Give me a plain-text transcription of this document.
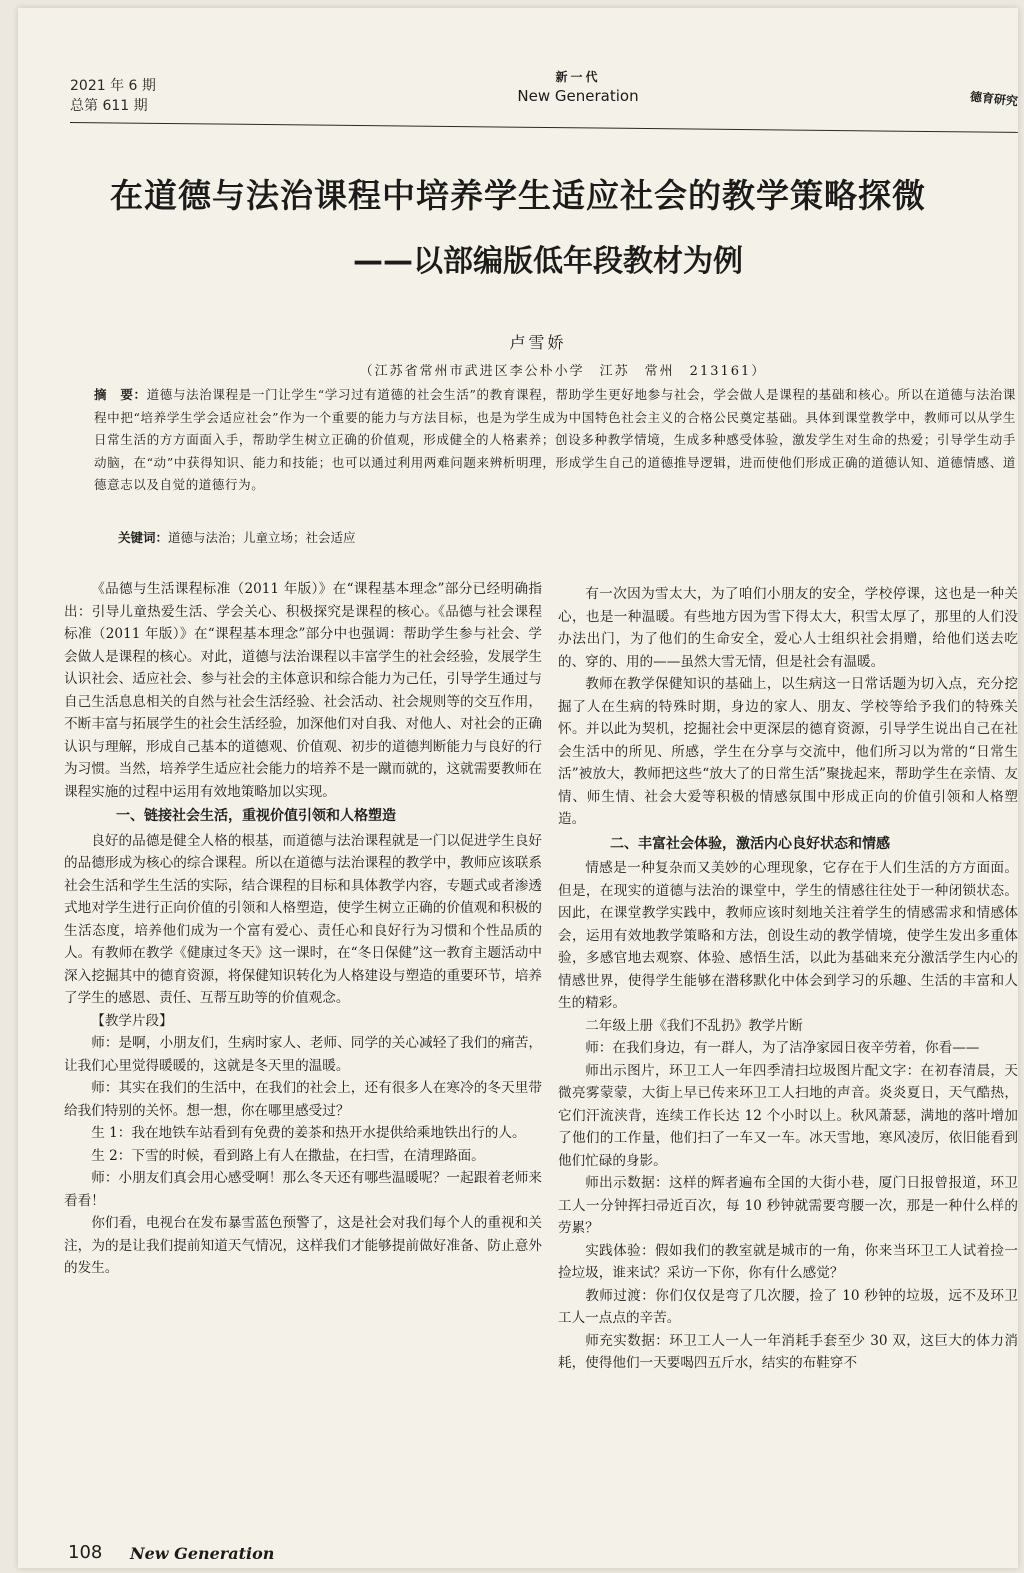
2021 年 6 期
总第 611 期
新一代
New Generation	德育研究
在道德与法治课程中培养学生适应社会的教学策略探微
——以部编版低年段教材为例
卢雪娇
（江苏省常州市武进区李公朴小学　江苏　常州　213161）
摘　要：道德与法治课程是一门让学生“学习过有道德的社会生活”的教育课程，帮助学生更好地参与社会，学会做人是课程的基础和核心。所以在道德与法治课程中把“培养学生学会适应社会”作为一个重要的能力与方法目标，也是为学生成为中国特色社会主义的合格公民奠定基础。具体到课堂教学中，教师可以从学生日常生活的方方面面入手，帮助学生树立正确的价值观，形成健全的人格素养；创设多种教学情境，生成多种感受体验，激发学生对生命的热爱；引导学生动手动脑，在“动”中获得知识、能力和技能；也可以通过利用两难问题来辨析明理，形成学生自己的道德推导逻辑，进而使他们形成正确的道德认知、道德情感、道德意志以及自觉的道德行为。
关键词：道德与法治；儿童立场；社会适应

《品德与生活课程标准（2011 年版）》在“课程基本理念”部分已经明确指出：引导儿童热爱生活、学会关心、积极探究是课程的核心。《品德与社会课程标准（2011 年版）》在“课程基本理念”部分中也强调：帮助学生参与社会、学会做人是课程的核心。对此，道德与法治课程以丰富学生的社会经验，发展学生认识社会、适应社会、参与社会的主体意识和综合能力为己任，引导学生通过与自己生活息息相关的自然与社会生活经验、社会活动、社会规则等的交互作用，不断丰富与拓展学生的社会生活经验，加深他们对自我、对他人、对社会的正确认识与理解，形成自己基本的道德观、价值观、初步的道德判断能力与良好的行为习惯。当然，培养学生适应社会能力的培养不是一蹴而就的，这就需要教师在课程实施的过程中运用有效地策略加以实现。

一、链接社会生活，重视价值引领和人格塑造

良好的品德是健全人格的根基，而道德与法治课程就是一门以促进学生良好的品德形成为核心的综合课程。所以在道德与法治课程的教学中，教师应该联系社会生活和学生生活的实际，结合课程的目标和具体教学内容，专题式或者渗透式地对学生进行正向价值的引领和人格塑造，使学生树立正确的价值观和积极的生活态度，培养他们成为一个富有爱心、责任心和良好行为习惯和个性品质的人。有教师在教学《健康过冬天》这一课时，在“冬日保健”这一教育主题活动中深入挖掘其中的德育资源，将保健知识转化为人格建设与塑造的重要环节，培养了学生的感恩、责任、互帮互助等的价值观念。

【教学片段】

师：是啊，小朋友们，生病时家人、老师、同学的关心减轻了我们的痛苦，让我们心里觉得暖暖的，这就是冬天里的温暖。

师：其实在我们的生活中，在我们的社会上，还有很多人在寒冷的冬天里带给我们特别的关怀。想一想，你在哪里感受过？

生 1：我在地铁车站看到有免费的姜茶和热开水提供给乘地铁出行的人。

生 2：下雪的时候，看到路上有人在撒盐，在扫雪，在清理路面。

师：小朋友们真会用心感受啊！那么冬天还有哪些温暖呢？一起跟着老师来看看！

你们看，电视台在发布暴雪蓝色预警了，这是社会对我们每个人的重视和关注，为的是让我们提前知道天气情况，这样我们才能够提前做好准备、防止意外的发生。

有一次因为雪太大，为了咱们小朋友的安全，学校停课，这也是一种关心，也是一种温暖。有些地方因为雪下得太大，积雪太厚了，那里的人们没办法出门，为了他们的生命安全，爱心人士组织社会捐赠，给他们送去吃的、穿的、用的——虽然大雪无情，但是社会有温暖。

教师在教学保健知识的基础上，以生病这一日常话题为切入点，充分挖掘了人在生病的特殊时期，身边的家人、朋友、学校等给予我们的特殊关怀。并以此为契机，挖掘社会中更深层的德育资源，引导学生说出自己在社会生活中的所见、所感，学生在分享与交流中，他们所习以为常的“日常生活”被放大，教师把这些“放大了的日常生活”聚拢起来，帮助学生在亲情、友情、师生情、社会大爱等积极的情感氛围中形成正向的价值引领和人格塑造。

二、丰富社会体验，激活内心良好状态和情感

情感是一种复杂而又美妙的心理现象，它存在于人们生活的方方面面。但是，在现实的道德与法治的课堂中，学生的情感往往处于一种闭锁状态。因此，在课堂教学实践中，教师应该时刻地关注着学生的情感需求和情感体会，运用有效地教学策略和方法，创设生动的教学情境，使学生发出多重体验，多感官地去观察、体验、感悟生活，以此为基础来充分激活学生内心的情感世界，使得学生能够在潜移默化中体会到学习的乐趣、生活的丰富和人生的精彩。

二年级上册《我们不乱扔》教学片断

师：在我们身边，有一群人，为了洁净家园日夜辛劳着，你看——

师出示图片，环卫工人一年四季清扫垃圾图片配文字：在初春清晨，天微亮雾蒙蒙，大街上早已传来环卫工人扫地的声音。炎炎夏日，天气酷热，它们汗流浃背，连续工作长达 12 个小时以上。秋风萧瑟，满地的落叶增加了他们的工作量，他们扫了一车又一车。冰天雪地，寒风凌厉，依旧能看到他们忙碌的身影。

师出示数据：这样的辉者遍布全国的大街小巷，厦门日报曾报道，环卫工人一分钟挥扫帚近百次，每 10 秒钟就需要弯腰一次，那是一种什么样的劳累？

实践体验：假如我们的教室就是城市的一角，你来当环卫工人试着捡一捡垃圾，谁来试？采访一下你，你有什么感觉？

教师过渡：你们仅仅是弯了几次腰，捡了 10 秒钟的垃圾，远不及环卫工人一点点的辛苦。

师充实数据：环卫工人一人一年消耗手套至少 30 双，这巨大的体力消耗，使得他们一天要喝四五斤水，结实的布鞋穿不

108 New Generation
